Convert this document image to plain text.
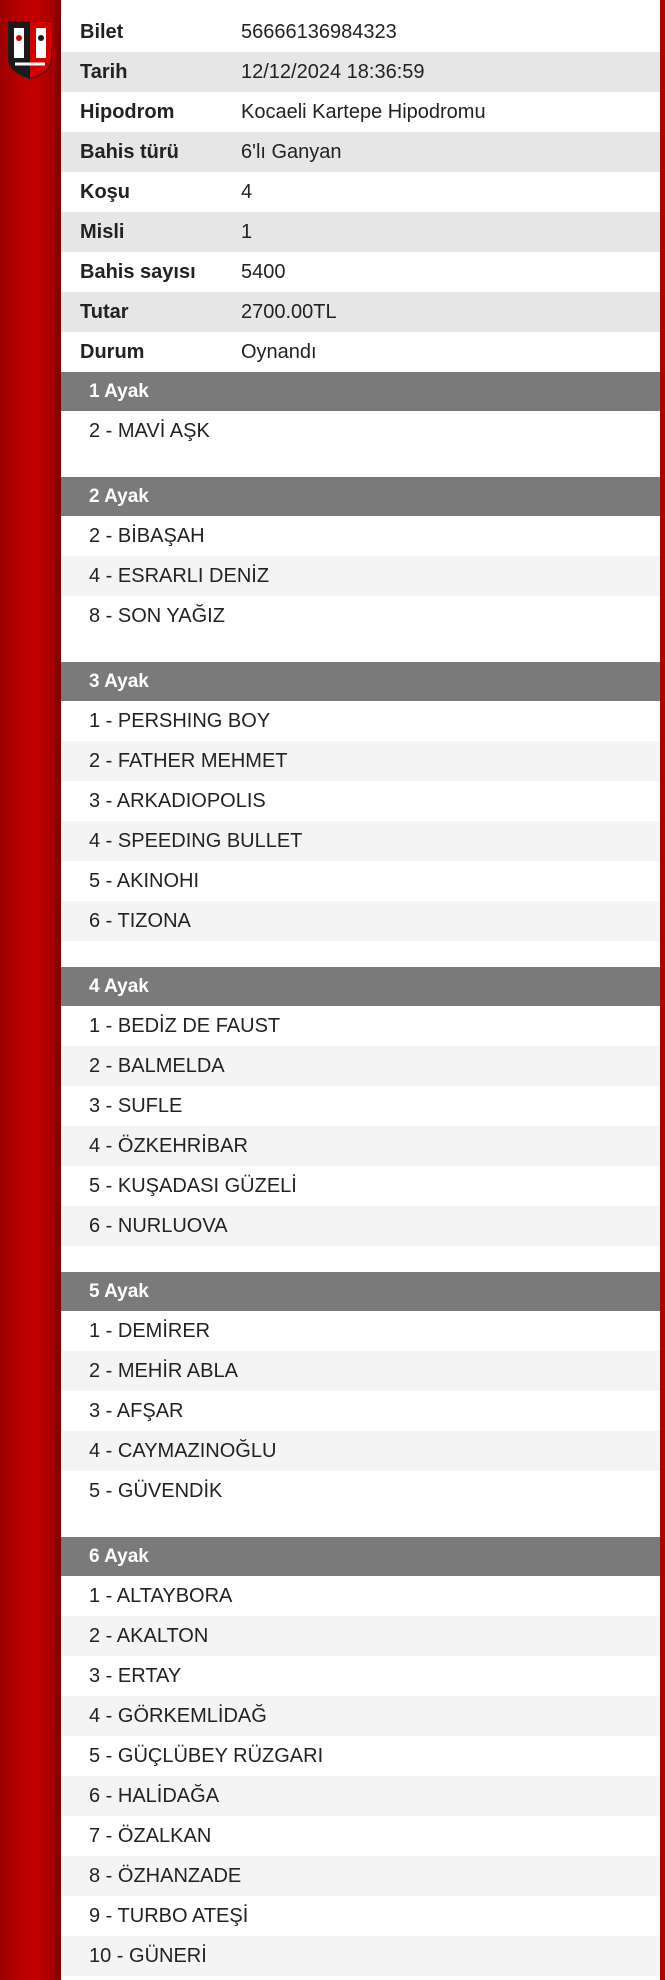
Bilet	56666136984323
Tarih	12/12/2024 18:36:59
Hipodrom	Kocaeli Kartepe Hipodromu
Bahis türü	6'lı Ganyan
Koşu	4
Misli	1
Bahis sayısı	5400
Tutar	2700.00TL
Durum	Oynandı
1 Ayak
2 - MAVİ AŞK
2 Ayak
2 - BİBAŞAH
4 - ESRARLI DENİZ
8 - SON YAĞIZ
3 Ayak
1 - PERSHING BOY
2 - FATHER MEHMET
3 - ARKADIOPOLIS
4 - SPEEDING BULLET
5 - AKINOHI
6 - TIZONA
4 Ayak
1 - BEDİZ DE FAUST
2 - BALMELDA
3 - SUFLE
4 - ÖZKEHRİBAR
5 - KUŞADASI GÜZELİ
6 - NURLUOVA
5 Ayak
1 - DEMİRER
2 - MEHİR ABLA
3 - AFŞAR
4 - CAYMAZINOĞLU
5 - GÜVENDİK
6 Ayak
1 - ALTAYBORA
2 - AKALTON
3 - ERTAY
4 - GÖRKEMLİDAĞ
5 - GÜÇLÜBEY RÜZGARI
6 - HALİDAĞA
7 - ÖZALKAN
8 - ÖZHANZADE
9 - TURBO ATEŞİ
10 - GÜNERİ
